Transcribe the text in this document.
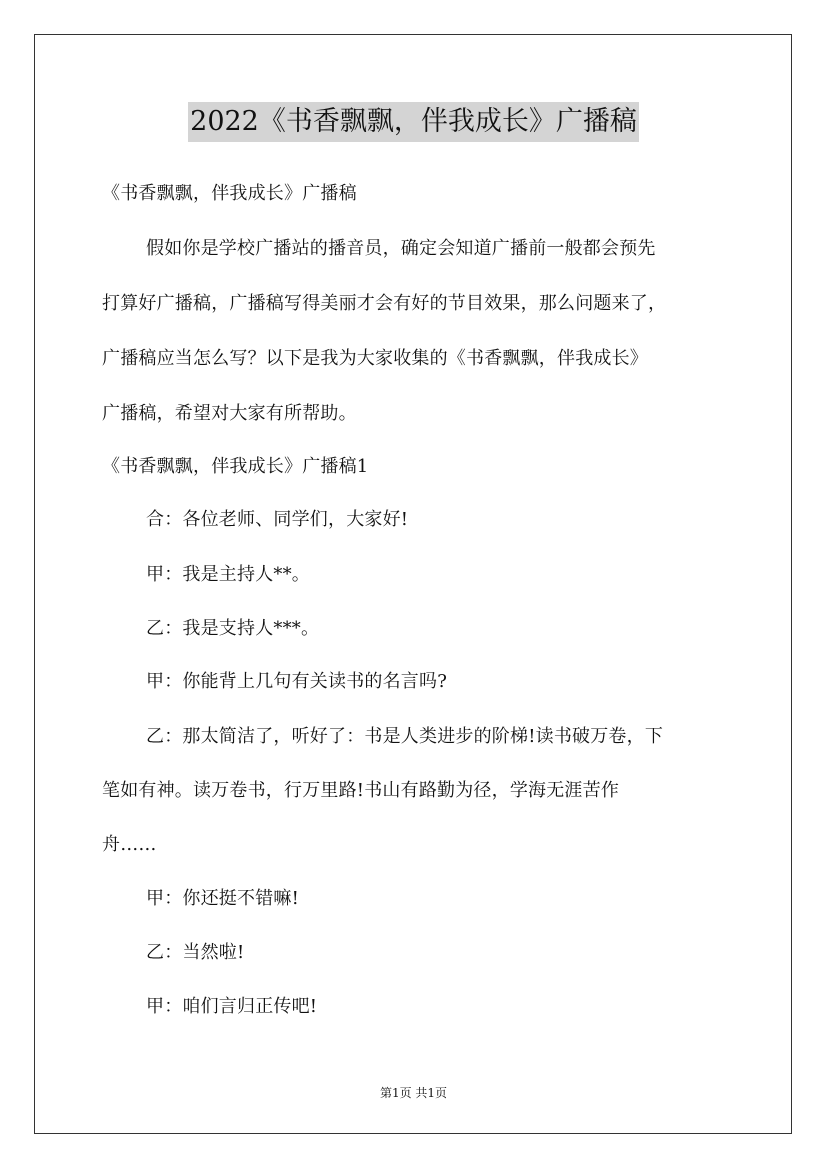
2022《书香飘飘，伴我成长》广播稿
《书香飘飘，伴我成长》广播稿
假如你是学校广播站的播音员，确定会知道广播前一般都会预先
打算好广播稿，广播稿写得美丽才会有好的节目效果，那么问题来了，
广播稿应当怎么写？以下是我为大家收集的《书香飘飘，伴我成长》
广播稿，希望对大家有所帮助。
《书香飘飘，伴我成长》广播稿1
合：各位老师、同学们，大家好!
甲：我是主持人**。
乙：我是支持人***。
甲：你能背上几句有关读书的名言吗?
乙：那太简洁了，听好了：书是人类进步的阶梯!读书破万卷，下
笔如有神。读万卷书，行万里路!书山有路勤为径，学海无涯苦作
舟……
甲：你还挺不错嘛!
乙：当然啦!
甲：咱们言归正传吧!
第1页 共1页
